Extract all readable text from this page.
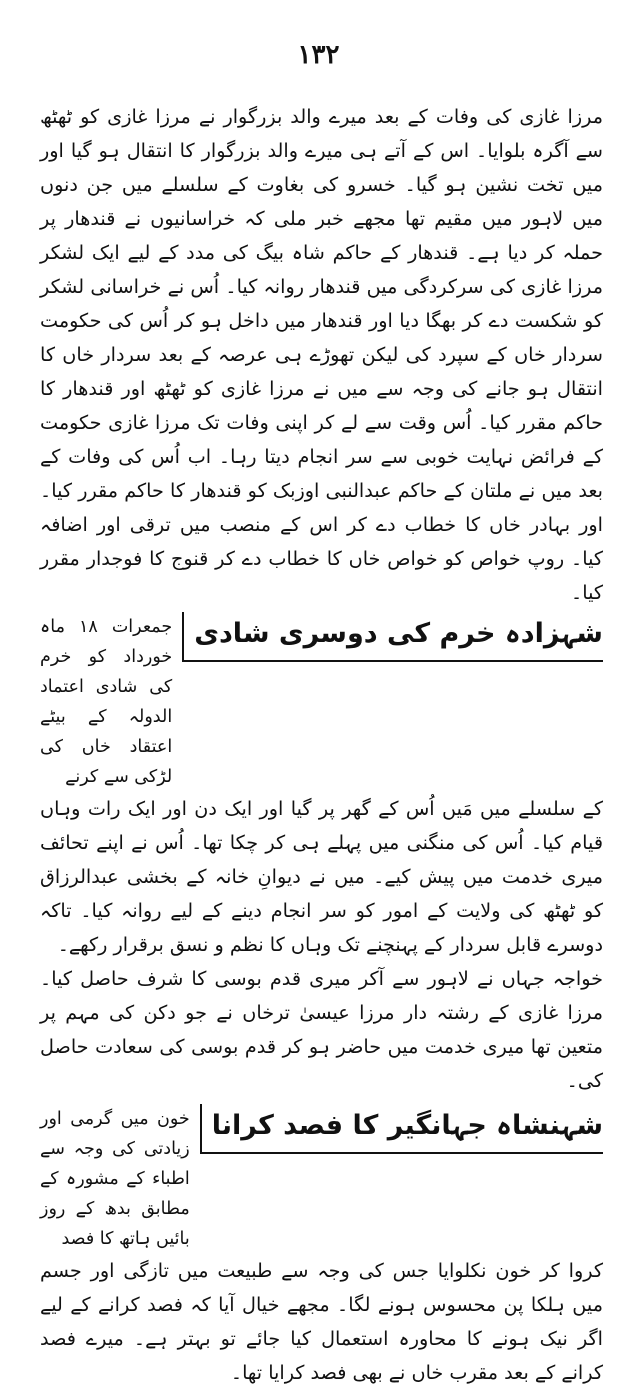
۱۳۲

مرزا غازی کی وفات کے بعد میرے والد بزرگوار نے مرزا غازی کو ٹھٹھ سے آگرہ بلوایا۔ اس کے آتے ہی میرے والد بزرگوار کا انتقال ہو گیا اور میں تخت نشین ہو گیا۔ خسرو کی بغاوت کے سلسلے میں جن دنوں میں لاہور میں مقیم تھا مجھے خبر ملی کہ خراسانیوں نے قندھار پر حملہ کر دیا ہے۔ قندھار کے حاکم شاہ بیگ کی مدد کے لیے ایک لشکر مرزا غازی کی سرکردگی میں قندھار روانہ کیا۔ اُس نے خراسانی لشکر کو شکست دے کر بھگا دیا اور قندھار میں داخل ہو کر اُس کی حکومت سردار خاں کے سپرد کی لیکن تھوڑے ہی عرصہ کے بعد سردار خاں کا انتقال ہو جانے کی وجہ سے میں نے مرزا غازی کو ٹھٹھ اور قندھار کا حاکم مقرر کیا۔ اُس وقت سے لے کر اپنی وفات تک مرزا غازی حکومت کے فرائض نہایت خوبی سے سر انجام دیتا رہا۔ اب اُس کی وفات کے بعد میں نے ملتان کے حاکم عبدالنبی اوزبک کو قندھار کا حاکم مقرر کیا۔ اور بہادر خاں کا خطاب دے کر اس کے منصب میں ترقی اور اضافہ کیا۔ روپ خواص کو خواص خاں کا خطاب دے کر قنوج کا فوجدار مقرر کیا۔

شہزادہ خرم کی دوسری شادی
جمعرات ۱۸ ماہ خورداد کو خرم کی شادی اعتماد الدولہ کے بیٹے اعتقاد خاں کی لڑکی سے کرنے

کے سلسلے میں مَیں اُس کے گھر پر گیا اور ایک دن اور ایک رات وہاں قیام کیا۔ اُس کی منگنی میں پہلے ہی کر چکا تھا۔ اُس نے اپنے تحائف میری خدمت میں پیش کیے۔ میں نے دیوانِ خانہ کے بخشی عبدالرزاق کو ٹھٹھ کی ولایت کے امور کو سر انجام دینے کے لیے روانہ کیا۔ تاکہ دوسرے قابل سردار کے پہنچنے تک وہاں کا نظم و نسق برقرار رکھے۔

خواجہ جہاں نے لاہور سے آکر میری قدم بوسی کا شرف حاصل کیا۔ مرزا غازی کے رشتہ دار مرزا عیسیٰ ترخاں نے جو دکن کی مہم پر متعین تھا میری خدمت میں حاضر ہو کر قدم بوسی کی سعادت حاصل کی۔

شہنشاہ جہانگیر کا فصد کرانا
خون میں گرمی اور زیادتی کی وجہ سے اطباء کے مشورہ کے مطابق بدھ کے روز بائیں ہاتھ کا فصد

کروا کر خون نکلوایا جس کی وجہ سے طبیعت میں تازگی اور جسم میں ہلکا پن محسوس ہونے لگا۔ مجھے خیال آیا کہ فصد کرانے کے لیے اگر نیک ہونے کا محاورہ استعمال کیا جائے تو بہتر ہے۔ میرے فصد کرانے کے بعد مقرب خاں نے بھی فصد کرایا تھا۔
